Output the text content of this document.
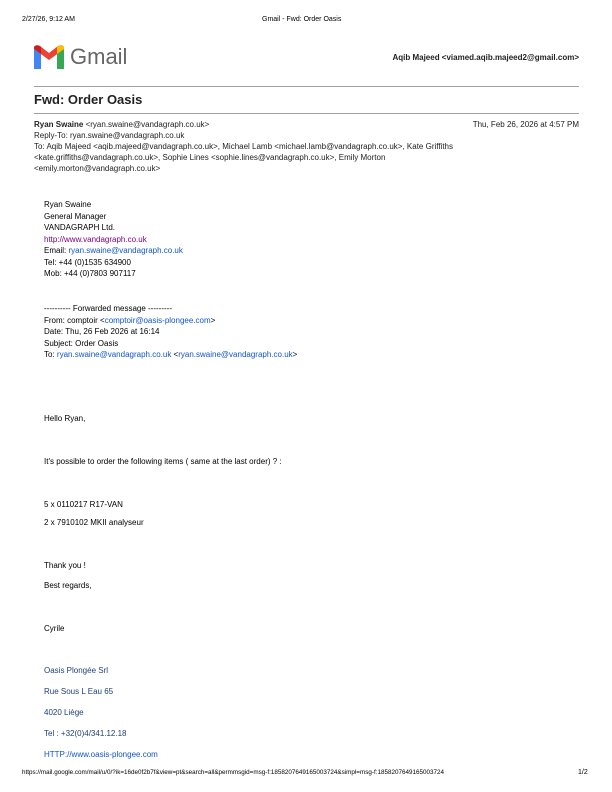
2/27/26, 9:12 AM	Gmail - Fwd: Order Oasis
Gmail	Aqib Majeed <viamed.aqib.majeed2@gmail.com>
Fwd: Order Oasis
Ryan Swaine <ryan.swaine@vandagraph.co.uk>	Thu, Feb 26, 2026 at 4:57 PM
Reply-To: ryan.swaine@vandagraph.co.uk
To: Aqib Majeed <aqib.majeed@vandagraph.co.uk>, Michael Lamb <michael.lamb@vandagraph.co.uk>, Kate Griffiths
<kate.griffiths@vandagraph.co.uk>, Sophie Lines <sophie.lines@vandagraph.co.uk>, Emily Morton
<emily.morton@vandagraph.co.uk>
Ryan Swaine
General Manager
VANDAGRAPH Ltd.
http://www.vandagraph.co.uk
Email: ryan.swaine@vandagraph.co.uk
Tel: +44 (0)1535 634900
Mob: +44 (0)7803 907117
---------- Forwarded message ---------
From: comptoir <comptoir@oasis-plongee.com>
Date: Thu, 26 Feb 2026 at 16:14
Subject: Order Oasis
To: ryan.swaine@vandagraph.co.uk <ryan.swaine@vandagraph.co.uk>
Hello Ryan,
It's possible to order the following items ( same at the last order) ? :
5 x 0110217 R17-VAN
2 x 7910102 MKII analyseur
Thank you !
Best regards,
Cyrile
Oasis Plongée Srl
Rue Sous L Eau 65
4020 Liège
Tel : +32(0)4/341.12.18
HTTP://www.oasis-plongee.com
https://mail.google.com/mail/u/0/?ik=16de0f2b7f&view=pt&search=all&permmsgid=msg-f:1858207649165003724&simpl=msg-f:1858207649165003724	1/2
